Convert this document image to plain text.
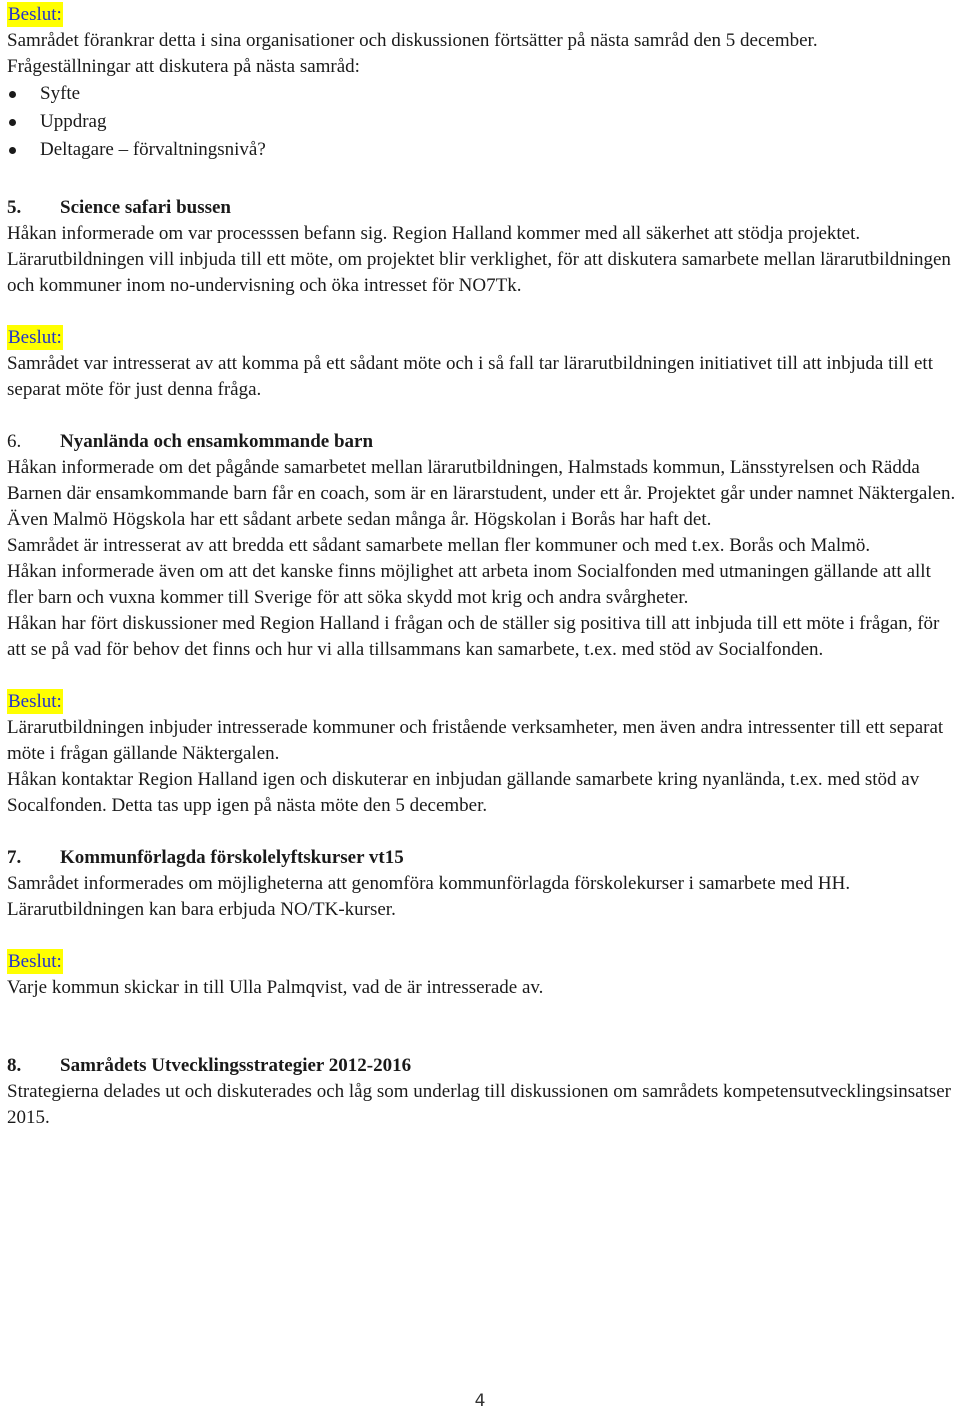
Beslut:

Samrådet förankrar detta i sina organisationer och diskussionen förtsätter på nästa samråd den 5 december.

Frågeställningar att diskutera på nästa samråd:

Syfte
Uppdrag
Deltagare – förvaltningsnivå?

5. Science safari bussen

Håkan informerade om var processsen befann sig. Region Halland kommer med all säkerhet att stödja projektet. Lärarutbildningen vill inbjuda till ett möte, om projektet blir verklighet, för att diskutera samarbete mellan lärarutbildningen och kommuner inom no-undervisning och öka intresset för NO7Tk.

Beslut:

Samrådet var intresserat av att komma på ett sådant möte och i så fall tar lärarutbildningen initiativet till att inbjuda till ett separat möte för just denna fråga.

6. Nyanlända och ensamkommande barn

Håkan informerade om det pågånde samarbetet mellan lärarutbildningen, Halmstads kommun, Länsstyrelsen och Rädda Barnen där ensamkommande barn får en coach, som är en lärarstudent, under ett år. Projektet går under namnet Näktergalen. Även Malmö Högskola har ett sådant arbete sedan många år. Högskolan i Borås har haft det.

Samrådet är intresserat av att bredda ett sådant samarbete mellan fler kommuner och med t.ex. Borås och Malmö.

Håkan informerade även om att det kanske finns möjlighet att arbeta inom Socialfonden med utmaningen gällande att allt fler barn och vuxna kommer till Sverige för att söka skydd mot krig och andra svårgheter.

Håkan har fört diskussioner med Region Halland i frågan och de ställer sig positiva till att inbjuda till ett möte i frågan, för att se på vad för behov det finns och hur vi alla tillsammans kan samarbete, t.ex. med stöd av Socialfonden.

Beslut:

Lärarutbildningen inbjuder intresserade kommuner och fristående verksamheter, men även andra intressenter till ett separat möte i frågan gällande Näktergalen.

Håkan kontaktar Region Halland igen och diskuterar en inbjudan gällande samarbete kring nyanlända, t.ex. med stöd av Socalfonden. Detta tas upp igen på nästa möte den 5 december.

7. Kommunförlagda förskolelyftskurser vt15

Samrådet informerades om möjligheterna att genomföra kommunförlagda förskolekurser i samarbete med HH. Lärarutbildningen kan bara erbjuda NO/TK-kurser.

Beslut:

Varje kommun skickar in till Ulla Palmqvist, vad de är intresserade av.

8. Samrådets Utvecklingsstrategier 2012-2016

Strategierna delades ut och diskuterades och låg som underlag till diskussionen om samrådets kompetensutvecklingsinsatser 2015.

4
